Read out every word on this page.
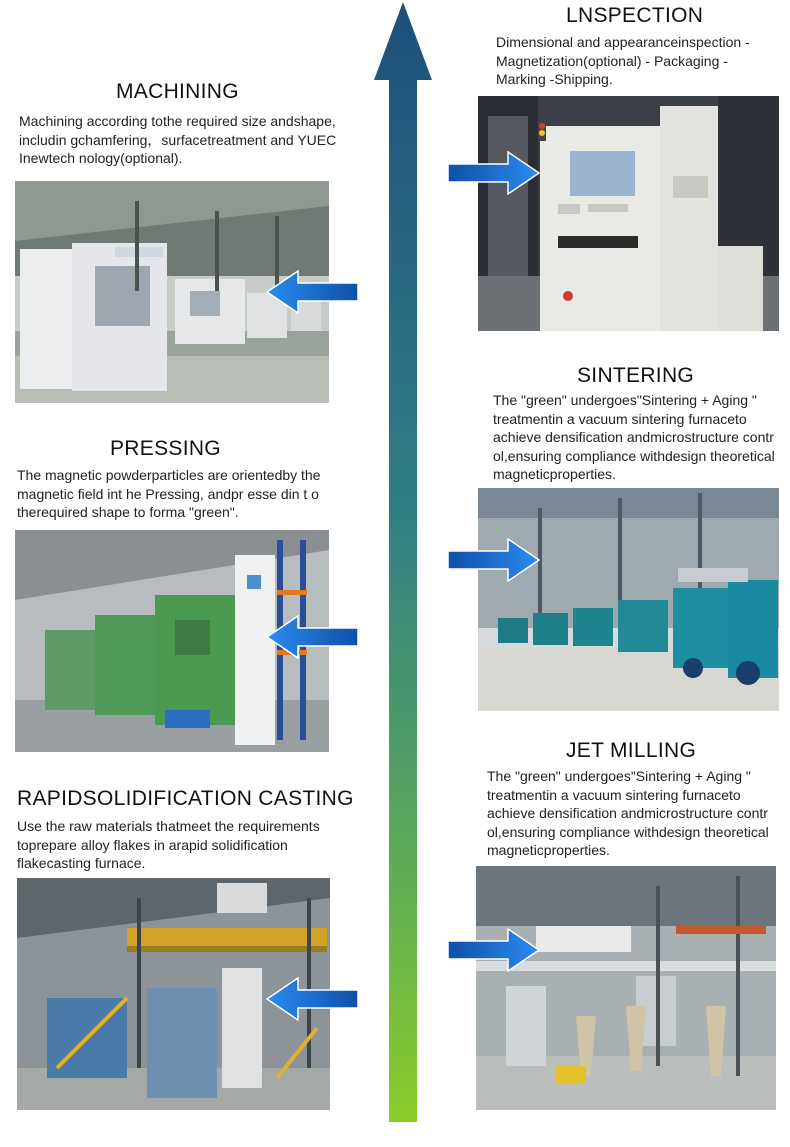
LNSPECTION
Dimensional and appearanceinspection - Magnetization(optional) - Packaging - Marking -Shipping.
MACHINING
Machining according tothe required size andshape, includin gchamfering，surfacetreatment and YUEC Inewtech nology(optional).
SINTERING
The "green" undergoes"Sintering + Aging " treatmentin a vacuum sintering furnaceto achieve densification andmicrostructure contr ol,ensuring compliance withdesign theoretical magneticproperties.
PRESSING
The magnetic powderparticles are orientedby the magnetic field int he Pressing, andpr esse din t o therequired shape to forma "green".
JET MILLING
The "green" undergoes"Sintering + Aging " treatmentin a vacuum sintering furnaceto achieve densification andmicrostructure contr ol,ensuring compliance withdesign theoretical magneticproperties.
RAPIDSOLIDIFICATION CASTING
Use the raw materials thatmeet the requirements toprepare alloy flakes in arapid solidification flakecasting furnace.
